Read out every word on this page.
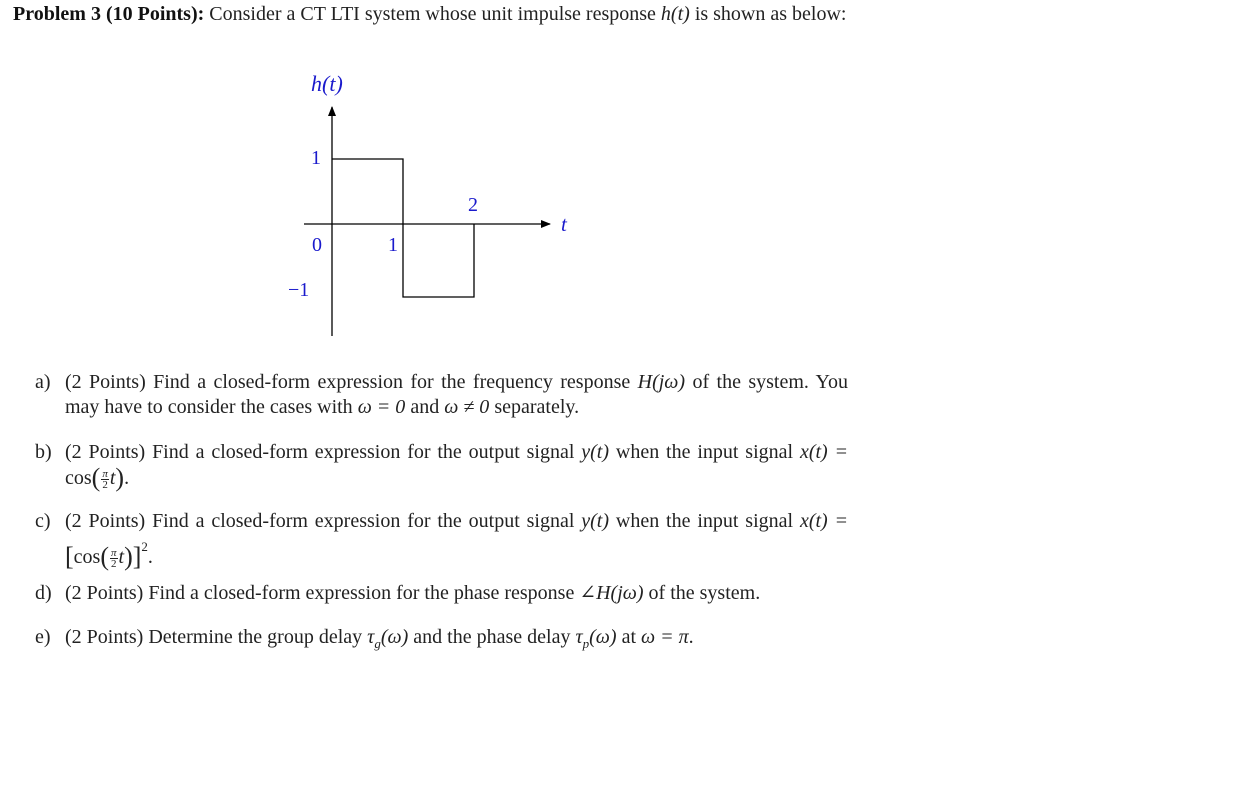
Problem 3 (10 Points): Consider a CT LTI system whose unit impulse response h(t) is shown as below:
h(t)
t
1
−1
0	1
2
a) (2 Points) Find a closed-form expression for the frequency response H(jω) of the system. You may have to consider the cases with ω = 0 and ω ≠ 0 separately.
b) (2 Points) Find a closed-form expression for the output signal y(t) when the input signal $x(t) = \cos( \frac{\pi}{2} t)$.
c) (2 Points) Find a closed-form expression for the output signal y(t) when the input signal $x(t) = [\cos( \frac{\pi}{2} t)]^2$.
d) (2 Points) Find a closed-form expression for the phase response ∠H(jω) of the system.
e) (2 Points) Determine the group delay $\tau_g(\omega)$ and the phase delay $\tau_p(\omega)$ at ω = π.
